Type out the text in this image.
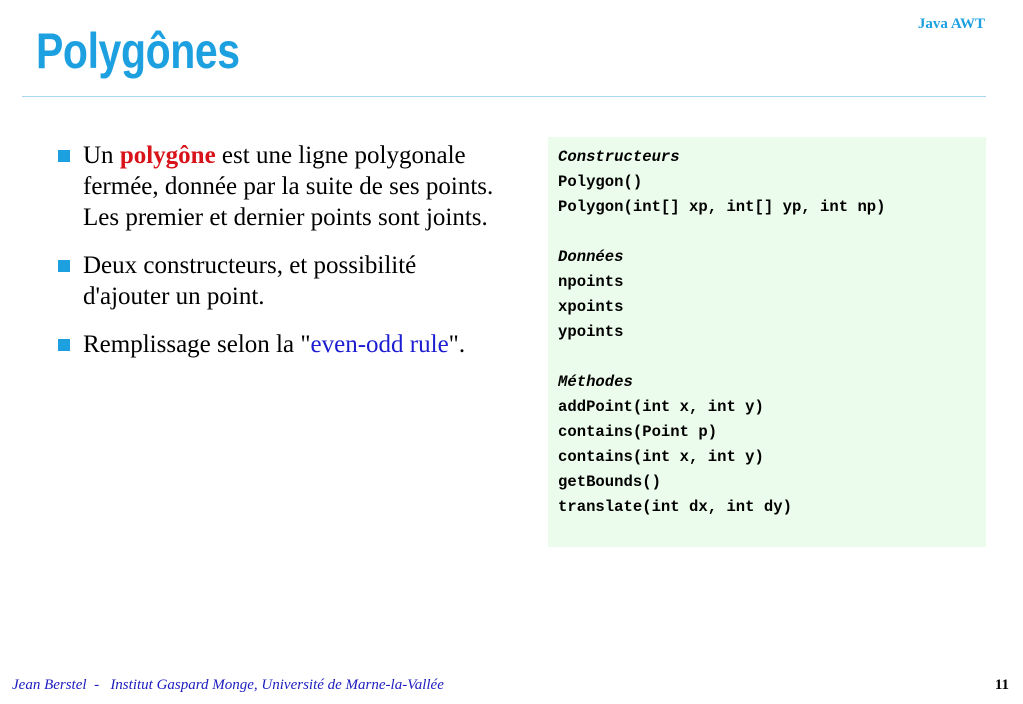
Polygônes	Java AWT
Un polygône est une ligne polygonale fermée, donnée par la suite de ses points. Les premier et dernier points sont joints.
Deux constructeurs, et possibilité d'ajouter un point.
Remplissage selon la "even-odd rule".
Constructeurs
Polygon()
Polygon(int[] xp, int[] yp, int np)
Données
npoints
xpoints
ypoints
Méthodes
addPoint(int x, int y)
contains(Point p)
contains(int x, int y)
getBounds()
translate(int dx, int dy)
Jean Berstel  -   Institut Gaspard Monge, Université de Marne-la-Vallée	11
